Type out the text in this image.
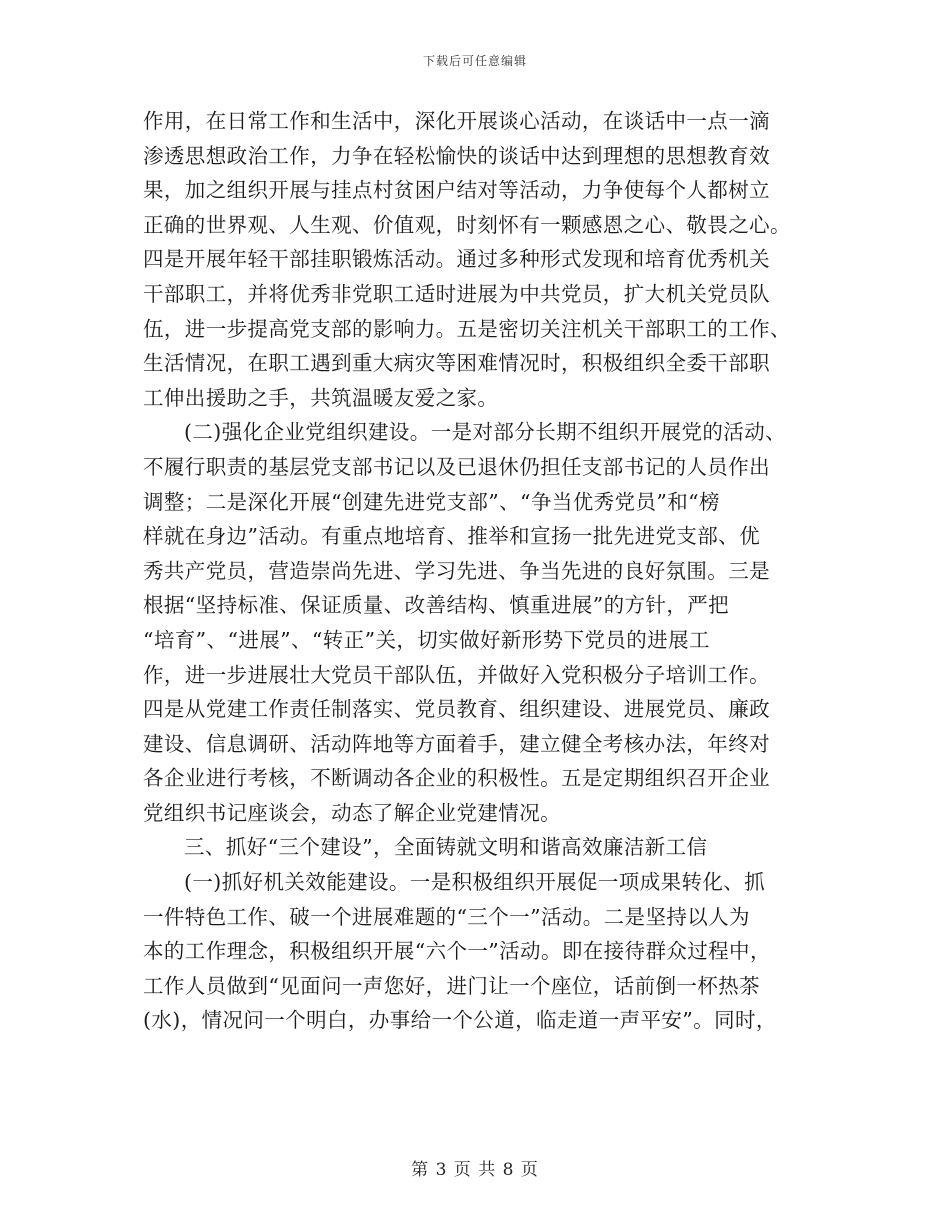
下载后可任意编辑

作用，在日常工作和生活中，深化开展谈心活动，在谈话中一点一滴
渗透思想政治工作，力争在轻松愉快的谈话中达到理想的思想教育效
果，加之组织开展与挂点村贫困户结对等活动，力争使每个人都树立
正确的世界观、人生观、价值观，时刻怀有一颗感恩之心、敬畏之心。
四是开展年轻干部挂职锻炼活动。通过多种形式发现和培育优秀机关
干部职工，并将优秀非党职工适时进展为中共党员，扩大机关党员队
伍，进一步提高党支部的影响力。五是密切关注机关干部职工的工作、
生活情况，在职工遇到重大病灾等困难情况时，积极组织全委干部职
工伸出援助之手，共筑温暖友爱之家。

(二)强化企业党组织建设。一是对部分长期不组织开展党的活动、
不履行职责的基层党支部书记以及已退休仍担任支部书记的人员作出
调整；二是深化开展“创建先进党支部”、“争当优秀党员”和“榜
样就在身边”活动。有重点地培育、推举和宣扬一批先进党支部、优
秀共产党员，营造崇尚先进、学习先进、争当先进的良好氛围。三是
根据“坚持标准、保证质量、改善结构、慎重进展”的方针，严把
“培育”、“进展”、“转正”关，切实做好新形势下党员的进展工
作，进一步进展壮大党员干部队伍，并做好入党积极分子培训工作。
四是从党建工作责任制落实、党员教育、组织建设、进展党员、廉政
建设、信息调研、活动阵地等方面着手，建立健全考核办法，年终对
各企业进行考核，不断调动各企业的积极性。五是定期组织召开企业
党组织书记座谈会，动态了解企业党建情况。

三、抓好“三个建设”，全面铸就文明和谐高效廉洁新工信

(一)抓好机关效能建设。一是积极组织开展促一项成果转化、抓
一件特色工作、破一个进展难题的“三个一”活动。二是坚持以人为
本的工作理念，积极组织开展“六个一”活动。即在接待群众过程中，
工作人员做到“见面问一声您好，进门让一个座位，话前倒一杯热茶
(水)，情况问一个明白，办事给一个公道，临走道一声平安”。同时，

第 3 页 共 8 页
